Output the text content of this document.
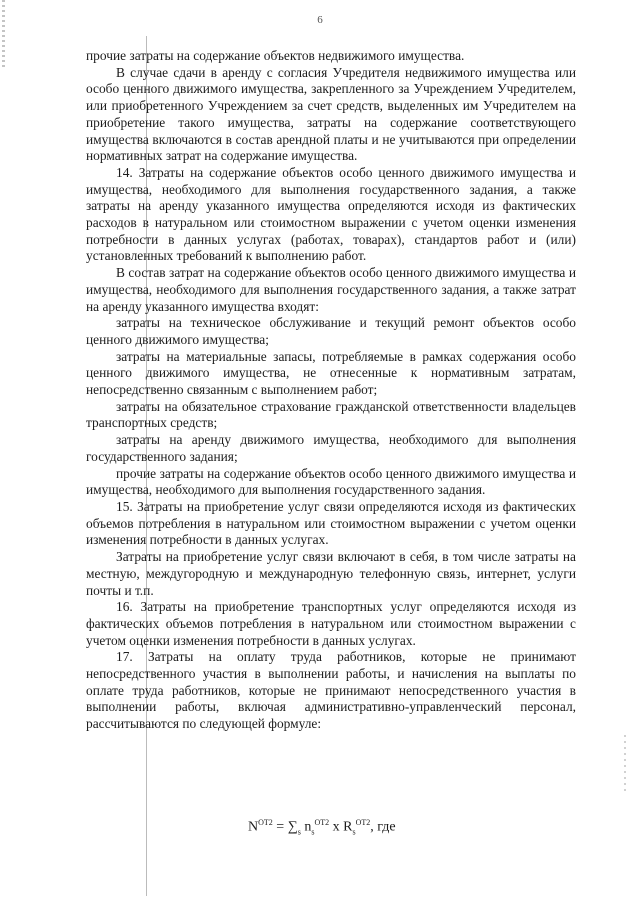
6

прочие затраты на содержание объектов недвижимого имущества.

В случае сдачи в аренду с согласия Учредителя недвижимого имущества или особо ценного движимого имущества, закрепленного за Учреждением Учредителем, или приобретенного Учреждением за счет средств, выделенных им Учредителем на приобретение такого имущества, затраты на содержание соответствующего имущества включаются в состав арендной платы и не учитываются при определении нормативных затрат на содержание имущества.

14. Затраты на содержание объектов особо ценного движимого имущества и имущества, необходимого для выполнения государственного задания, а также затраты на аренду указанного имущества определяются исходя из фактических расходов в натуральном или стоимостном выражении с учетом оценки изменения потребности в данных услугах (работах, товарах), стандартов работ и (или) установленных требований к выполнению работ.

В состав затрат на содержание объектов особо ценного движимого имущества и имущества, необходимого для выполнения государственного задания, а также затрат на аренду указанного имущества входят:

затраты на техническое обслуживание и текущий ремонт объектов особо ценного движимого имущества;

затраты на материальные запасы, потребляемые в рамках содержания особо ценного движимого имущества, не отнесенные к нормативным затратам, непосредственно связанным с выполнением работ;

затраты на обязательное страхование гражданской ответственности владельцев транспортных средств;

затраты на аренду движимого имущества, необходимого для выполнения государственного задания;

прочие затраты на содержание объектов особо ценного движимого имущества и имущества, необходимого для выполнения государственного задания.

15. Затраты на приобретение услуг связи определяются исходя из фактических объемов потребления в натуральном или стоимостном выражении с учетом оценки изменения потребности в данных услугах.

Затраты на приобретение услуг связи включают в себя, в том числе затраты на местную, междугородную и международную телефонную связь, интернет, услуги почты и т.п.

16. Затраты на приобретение транспортных услуг определяются исходя из фактических объемов потребления в натуральном или стоимостном выражении с учетом оценки изменения потребности в данных услугах.

17. Затраты на оплату труда работников, которые не принимают непосредственного участия в выполнении работы, и начисления на выплаты по оплате труда работников, которые не принимают непосредственного участия в выполнении работы, включая административно-управленческий персонал, рассчитываются по следующей формуле:

$N^{ОТ2} = \sum_s$ $n_s^{ОТ2}$ x $R_s^{ОТ2}$, где
